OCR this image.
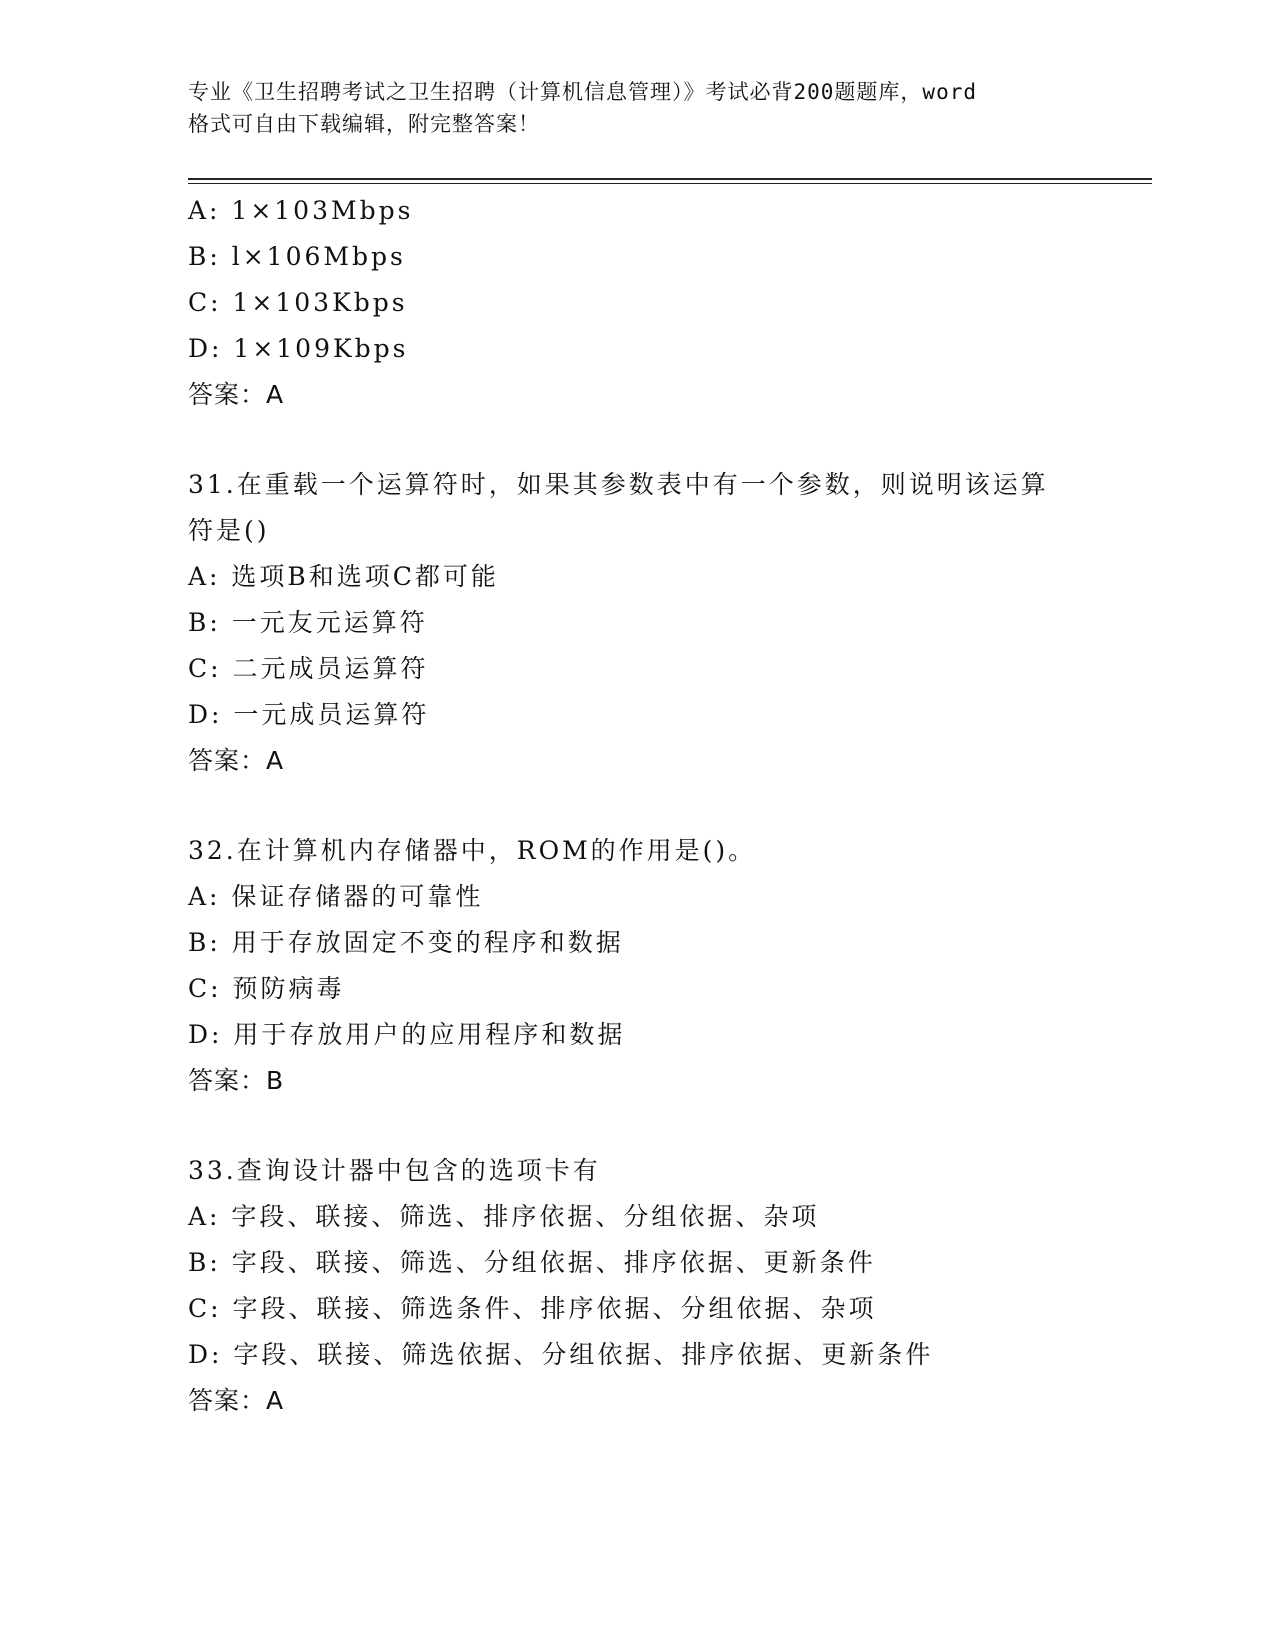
专业《卫生招聘考试之卫生招聘（计算机信息管理）》考试必背200题题库，word
格式可自由下载编辑，附完整答案！
A: 1×103Mbps
B: l×106Mbps
C: 1×103Kbps
D: 1×109Kbps
答案：A
31.在重载一个运算符时，如果其参数表中有一个参数，则说明该运算
符是()
A: 选项B和选项C都可能
B: 一元友元运算符
C: 二元成员运算符
D: 一元成员运算符
答案：A
32.在计算机内存储器中，ROM的作用是()。
A: 保证存储器的可靠性
B: 用于存放固定不变的程序和数据
C: 预防病毒
D: 用于存放用户的应用程序和数据
答案：B
33.查询设计器中包含的选项卡有
A: 字段、联接、筛选、排序依据、分组依据、杂项
B: 字段、联接、筛选、分组依据、排序依据、更新条件
C: 字段、联接、筛选条件、排序依据、分组依据、杂项
D: 字段、联接、筛选依据、分组依据、排序依据、更新条件
答案：A
